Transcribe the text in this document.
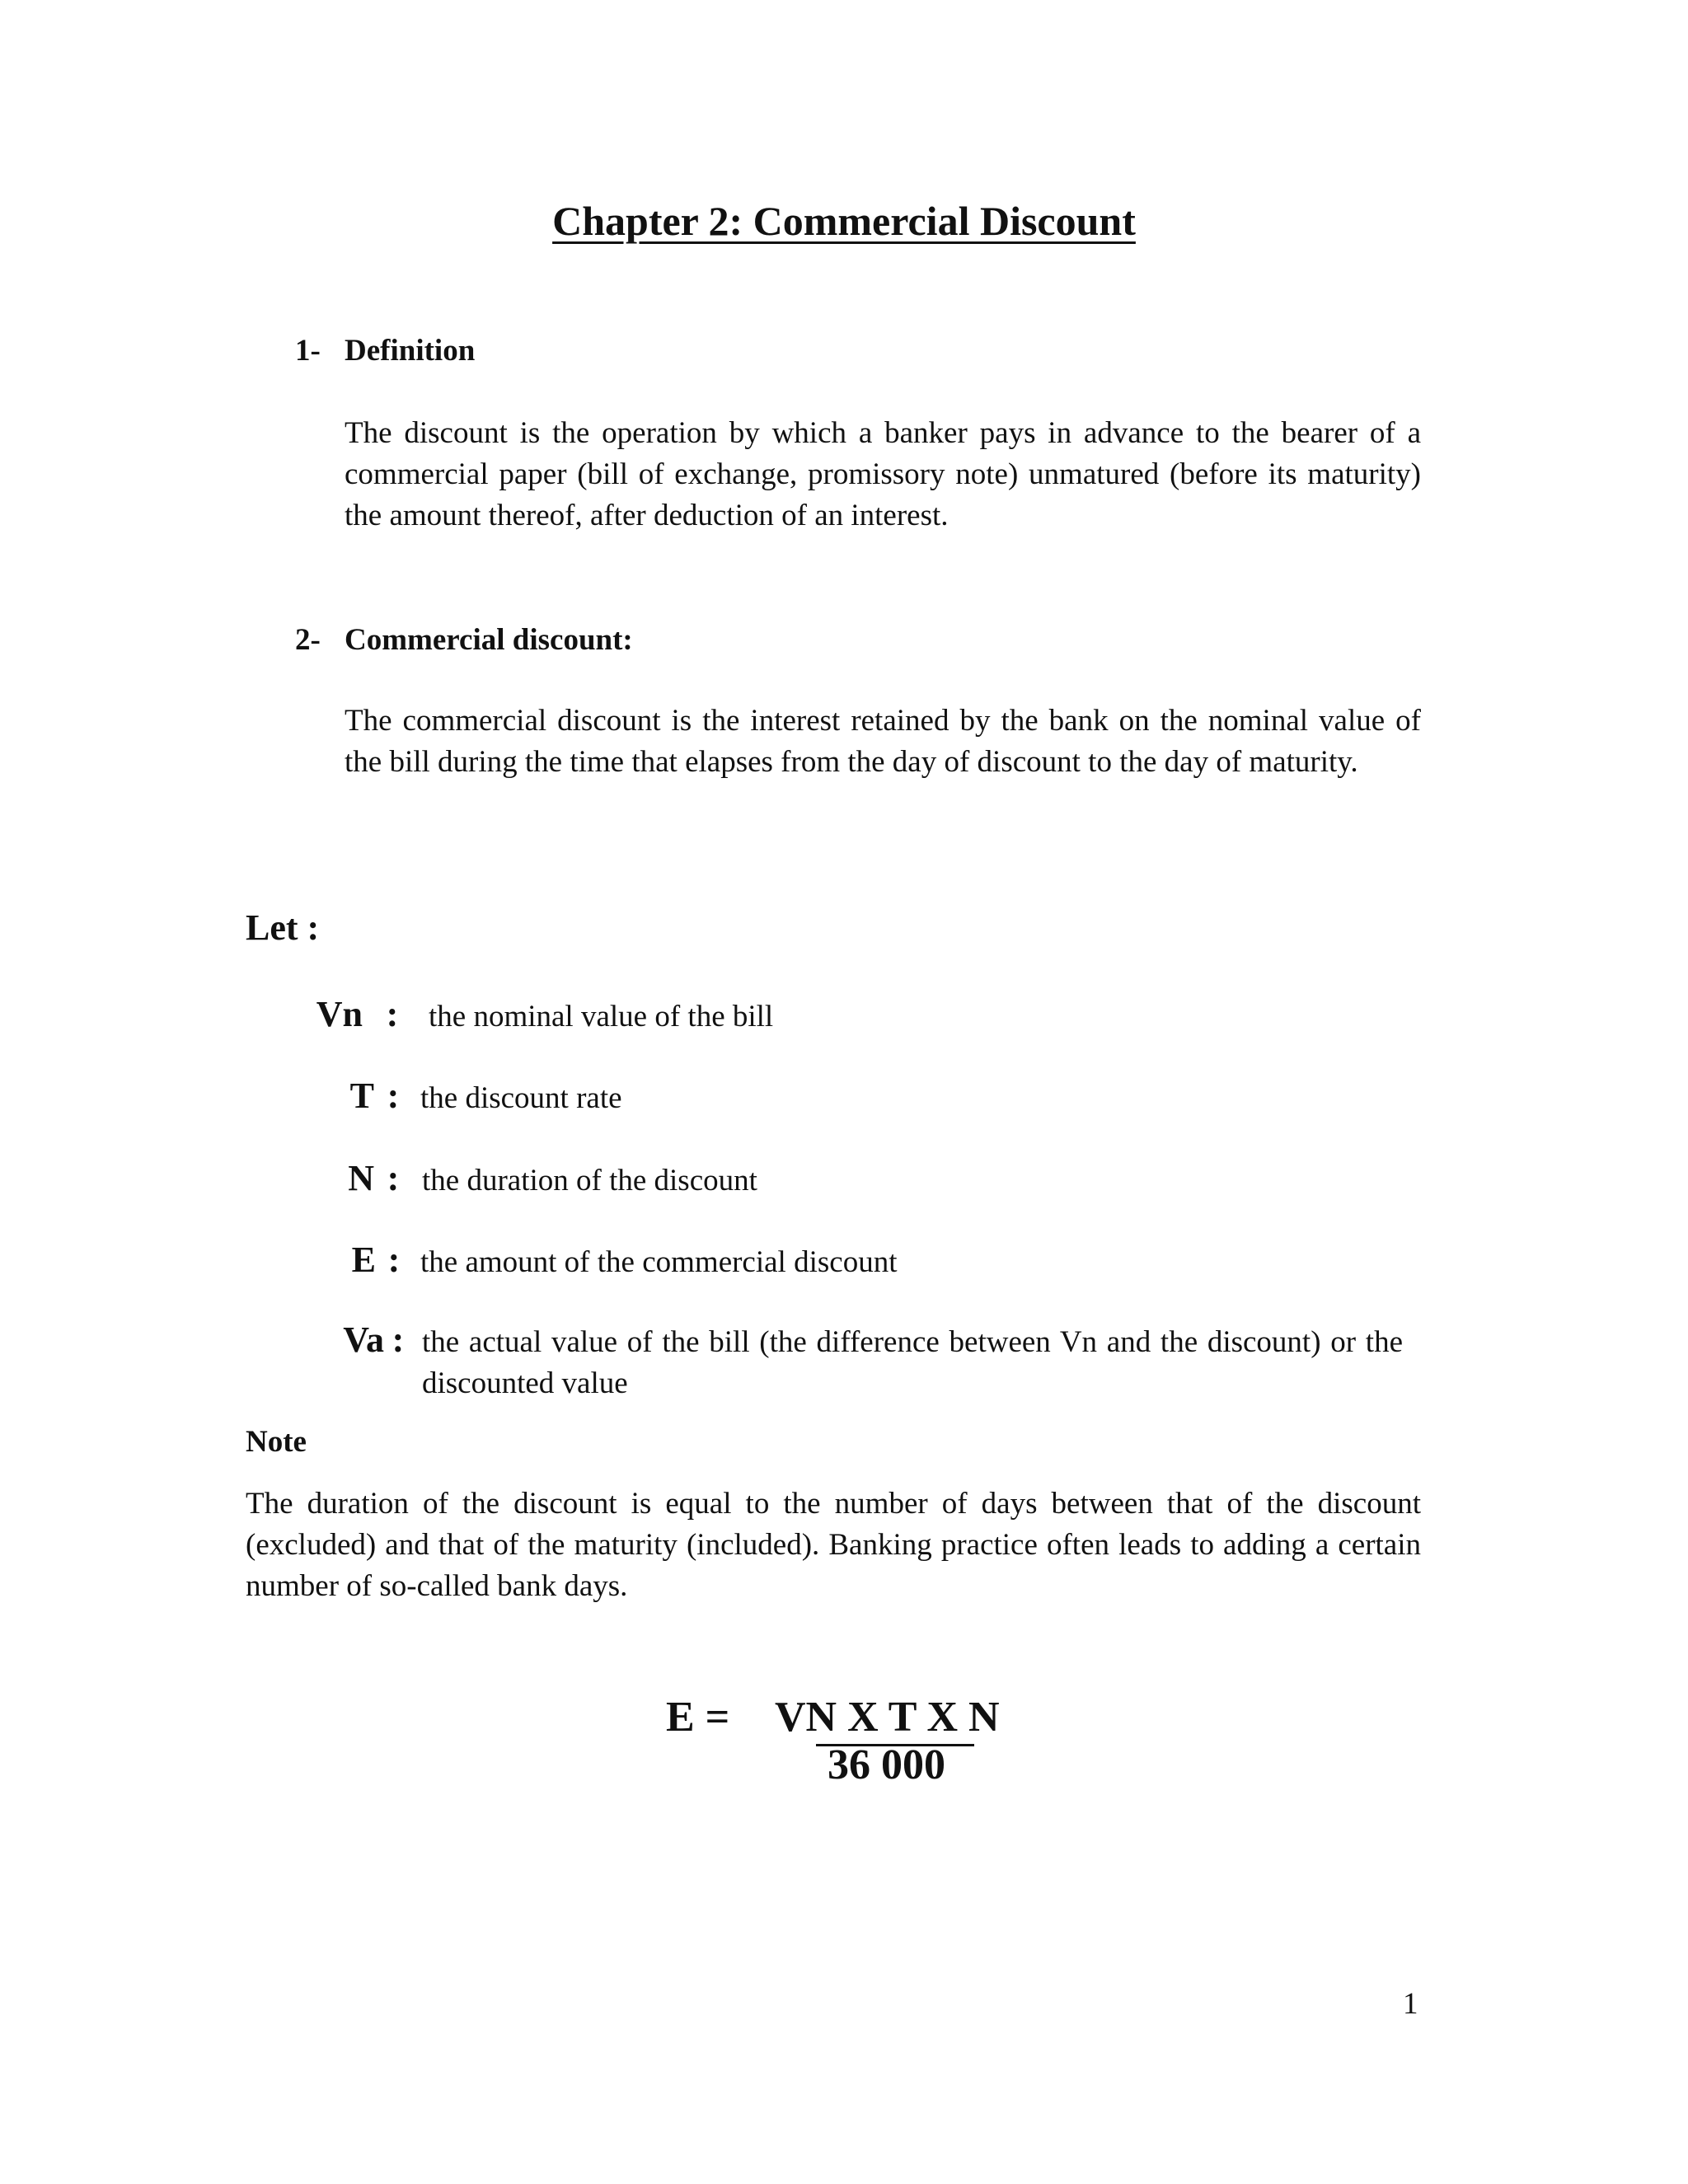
Chapter 2: Commercial Discount
1- Definition
The discount is the operation by which a banker pays in advance to the bearer of a commercial paper (bill of exchange, promissory note) unmatured (before its maturity) the amount thereof, after deduction of an interest.
2- Commercial discount:
The commercial discount is the interest retained by the bank on the nominal value of the bill during the time that elapses from the day of discount to the day of maturity.
Let :
Vn : the nominal value of the bill
T : the discount rate
N : the duration of the discount
E : the amount of the commercial discount
Va : the actual value of the bill (the difference between Vn and the discount) or the discounted value
Note
The duration of the discount is equal to the number of days between that of the discount (excluded) and that of the maturity (included). Banking practice often leads to adding a certain number of so-called bank days.
E = VN X T X N
36 000
1
